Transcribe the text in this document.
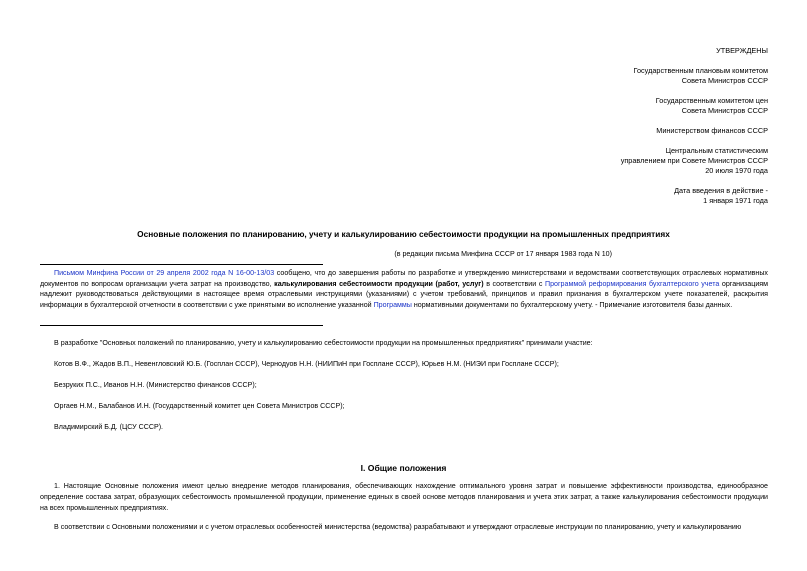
УТВЕРЖДЕНЫ
Государственным плановым комитетом
Совета Министров СССР
Государственным комитетом цен
Совета Министров СССР
Министерством финансов СССР
Центральным статистическим
управлением при Совете Министров СССР
20 июля 1970 года
Дата введения в действие -
1 января 1971 года
Основные положения по планированию, учету и калькулированию себестоимости продукции на промышленных предприятиях
(в редакции письма Минфина СССР от 17 января 1983 года N 10)
Письмом Минфина России от 29 апреля 2002 года N 16-00-13/03 сообщено, что до завершения работы по разработке и утверждению министерствами и ведомствами соответствующих отраслевых нормативных документов по вопросам организации учета затрат на производство, калькулирования себестоимости продукции (работ, услуг) в соответствии с Программой реформирования бухгалтерского учета организациям надлежит руководствоваться действующими в настоящее время отраслевыми инструкциями (указаниями) с учетом требований, принципов и правил признания в бухгалтерском учете показателей, раскрытия информации в бухгалтерской отчетности в соответствии с уже принятыми во исполнение указанной Программы нормативными документами по бухгалтерскому учету. - Примечание изготовителя базы данных.
В разработке "Основных положений по планированию, учету и калькулированию себестоимости продукции на промышленных предприятиях" принимали участие:
Котов В.Ф., Жадов В.П., Невенгловский Ю.Б. (Госплан СССР), Чернодуов Н.Н. (НИИПиН при Госплане СССР), Юрьев Н.М. (НИЭИ при Госплане СССР);
Безруких П.С., Иванов Н.Н. (Министерство финансов СССР);
Оргаев Н.М., Балабанов И.Н. (Государственный комитет цен Совета Министров СССР);
Владимирский Б.Д. (ЦСУ СССР).
I. Общие положения
1. Настоящие Основные положения имеют целью внедрение методов планирования, обеспечивающих нахождение оптимального уровня затрат и повышение эффективности производства, единообразное определение состава затрат, образующих себестоимость промышленной продукции, применение единых в своей основе методов планирования и учета этих затрат, а также калькулирования себестоимости продукции на всех промышленных предприятиях.
В соответствии с Основными положениями и с учетом отраслевых особенностей министерства (ведомства) разрабатывают и утверждают отраслевые инструкции по планированию, учету и калькулированию
